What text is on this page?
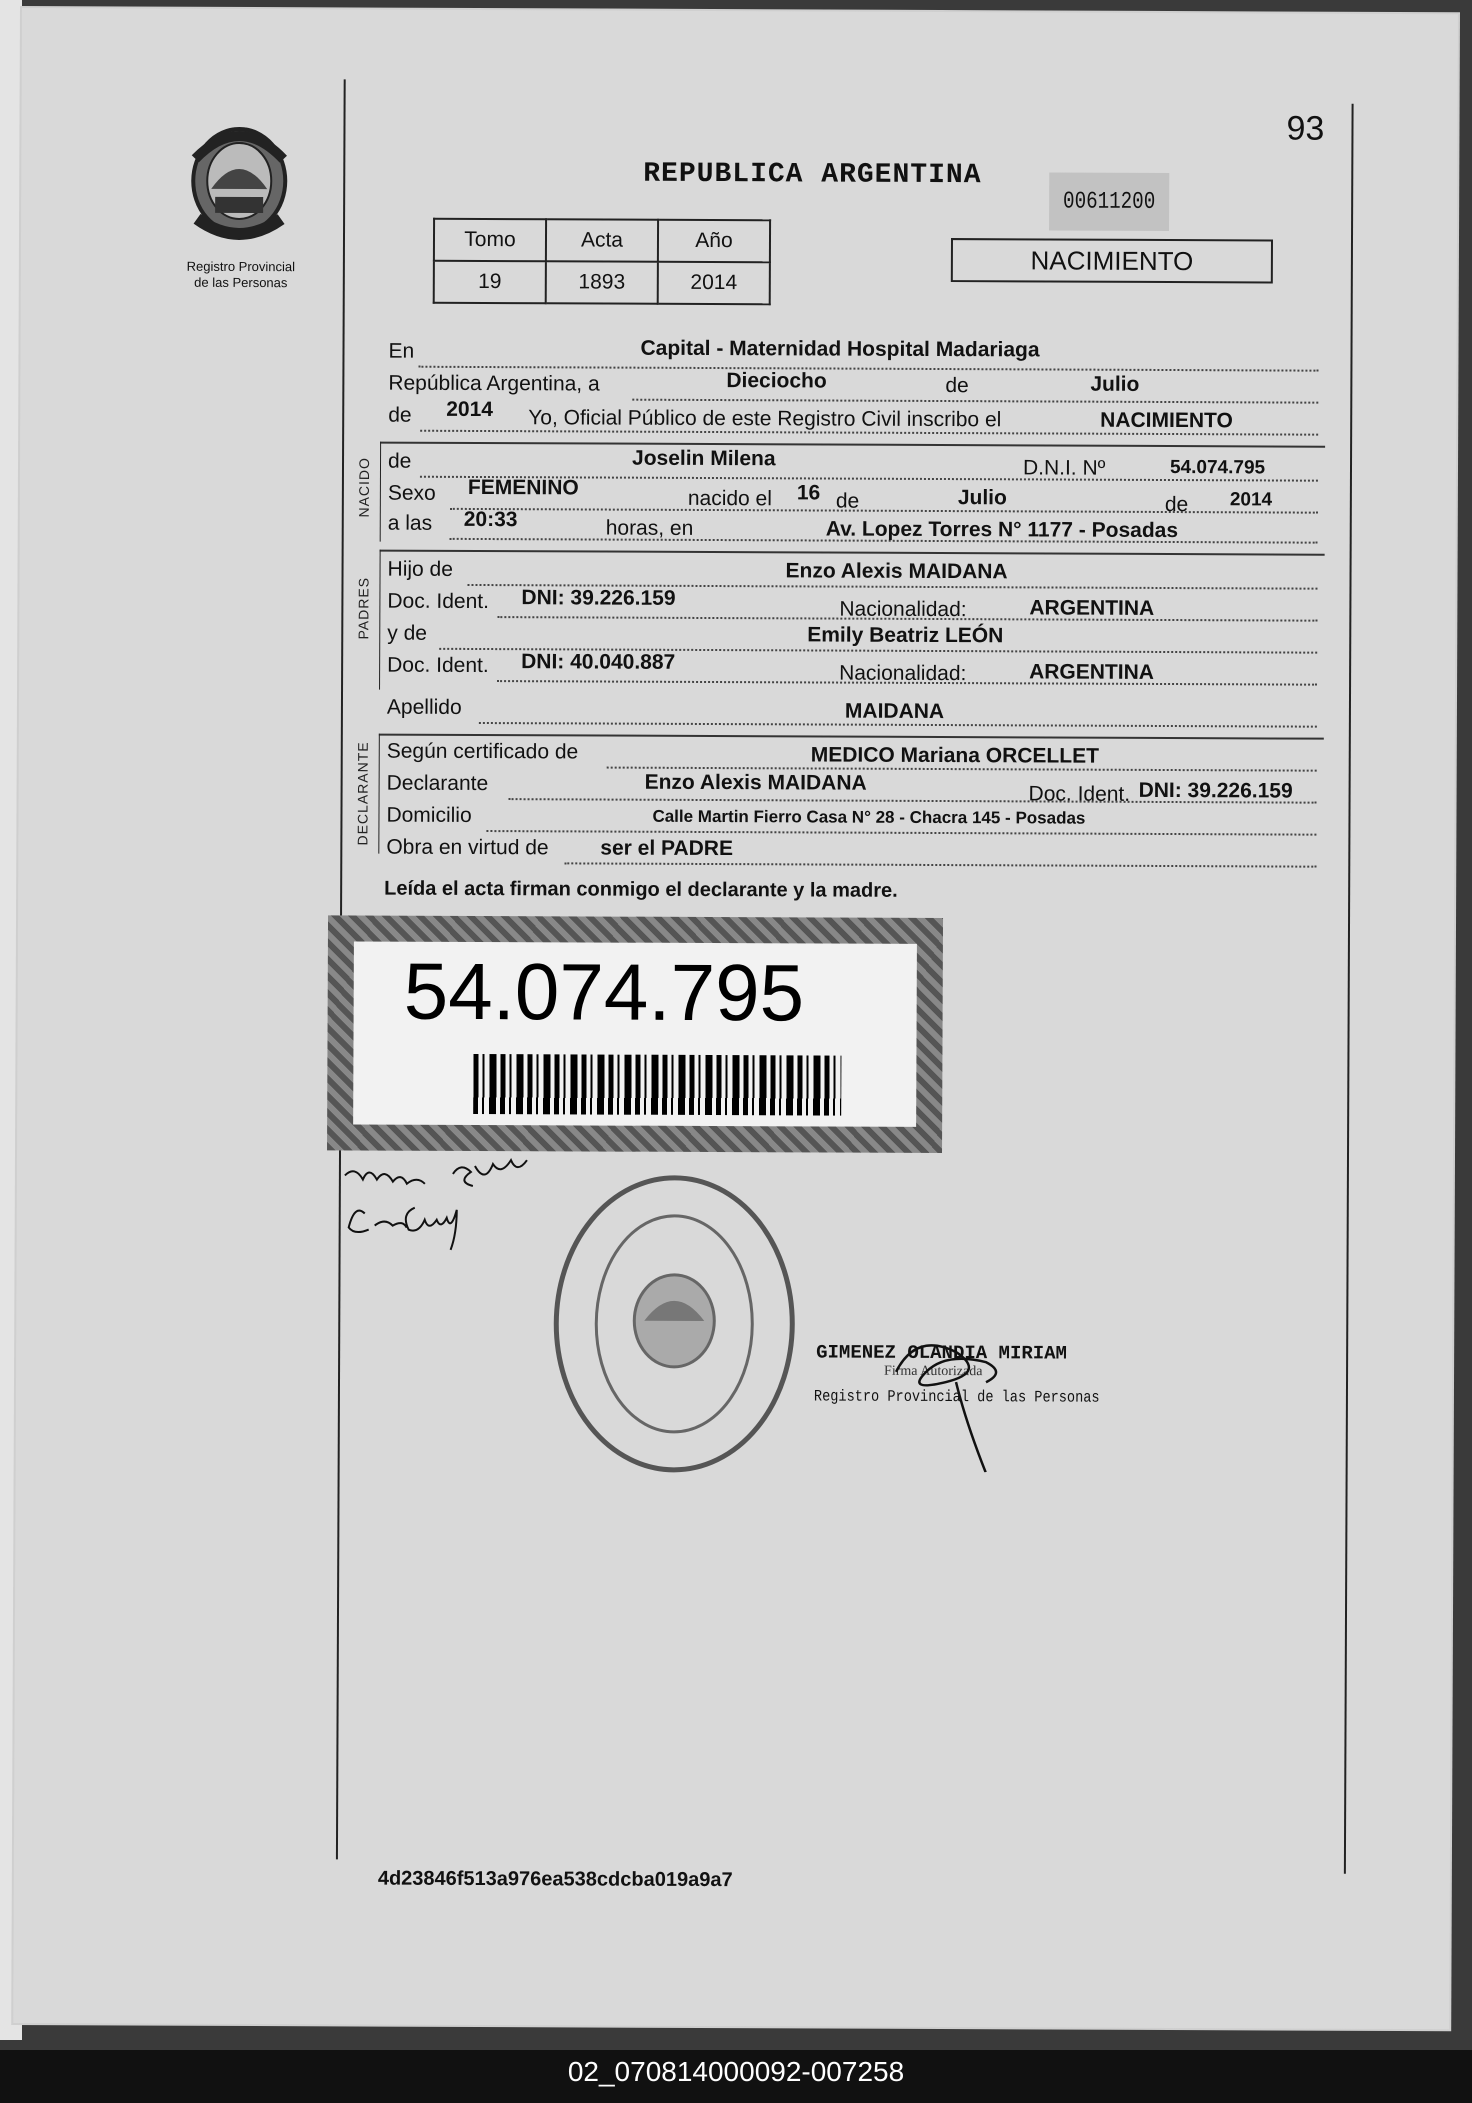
Registro Provincial
de las Personas
93
REPUBLICA ARGENTINA
00611200
NACIMIENTO
Tomo	Acta	Año
19	1893	2014
En	Capital - Maternidad Hospital Madariaga
República Argentina, a	Dieciocho	de	Julio
de 2014 Yo, Oficial Público de este Registro Civil inscribo el	NACIMIENTO
NACIDO de	Joselin Milena	D.N.I. Nº	54.074.795
Sexo FEMENINO	nacido el 16 de	Julio	de 2014
a las 20:33	horas, en	Av. Lopez Torres N° 1177 - Posadas
PADRES
Hijo de	Enzo Alexis MAIDANA
Doc. Ident. DNI: 39.226.159	Nacionalidad:	ARGENTINA
y de	Emily Beatriz LEÓN
Doc. Ident. DNI: 40.040.887	Nacionalidad:	ARGENTINA
Apellido	MAIDANA
DECLARANTE Según certificado de	MEDICO Mariana ORCELLET
Declarante	Enzo Alexis MAIDANA	Doc. Ident. DNI: 39.226.159
Domicilio	Calle Martin Fierro Casa N° 28 - Chacra 145 - Posadas
Obra en virtud de ser el PADRE
Leída el acta firman conmigo el declarante y la madre.
54.074.795
GIMENEZ OLANDIA MIRIAM
Firma Autorizada
Registro Provincial de las Personas
4d23846f513a976ea538cdcba019a9a7
02_070814000092-007258
